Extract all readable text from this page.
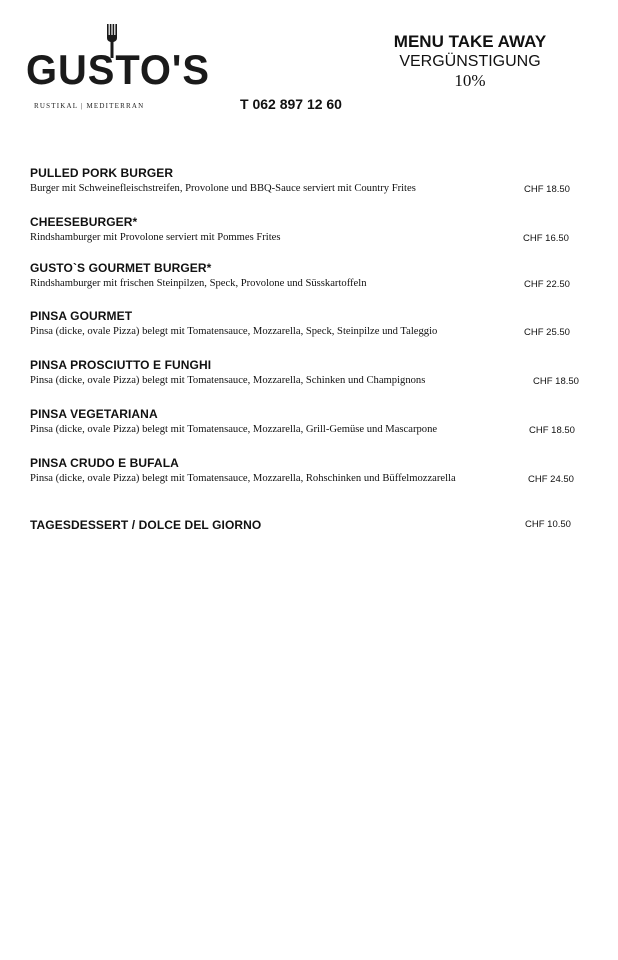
GUSTO'S
RUSTIKAL | MEDITERRAN	T 062 897 12 60
MENU TAKE AWAY
VERGÜNSTIGUNG
10%
PULLED PORK BURGER
Burger mit Schweinefleischstreifen, Provolone und BBQ-Sauce serviert mit Country Frites	CHF 18.50
CHEESEBURGER*
Rindshamburger mit Provolone serviert mit Pommes Frites	CHF 16.50
GUSTO`S GOURMET BURGER*
Rindshamburger mit frischen Steinpilzen, Speck, Provolone und Süsskartoffeln	CHF 22.50
PINSA GOURMET
Pinsa (dicke, ovale Pizza) belegt mit Tomatensauce, Mozzarella, Speck, Steinpilze und Taleggio	CHF 25.50
PINSA PROSCIUTTO E FUNGHI
Pinsa (dicke, ovale Pizza) belegt mit Tomatensauce, Mozzarella, Schinken und Champignons	CHF 18.50
PINSA VEGETARIANA
Pinsa (dicke, ovale Pizza) belegt mit Tomatensauce, Mozzarella, Grill-Gemüse und Mascarpone	CHF 18.50
PINSA CRUDO E BUFALA
Pinsa (dicke, ovale Pizza) belegt mit Tomatensauce, Mozzarella, Rohschinken und Büffelmozzarella	CHF 24.50
TAGESDESSERT / DOLCE DEL GIORNO	CHF 10.50
